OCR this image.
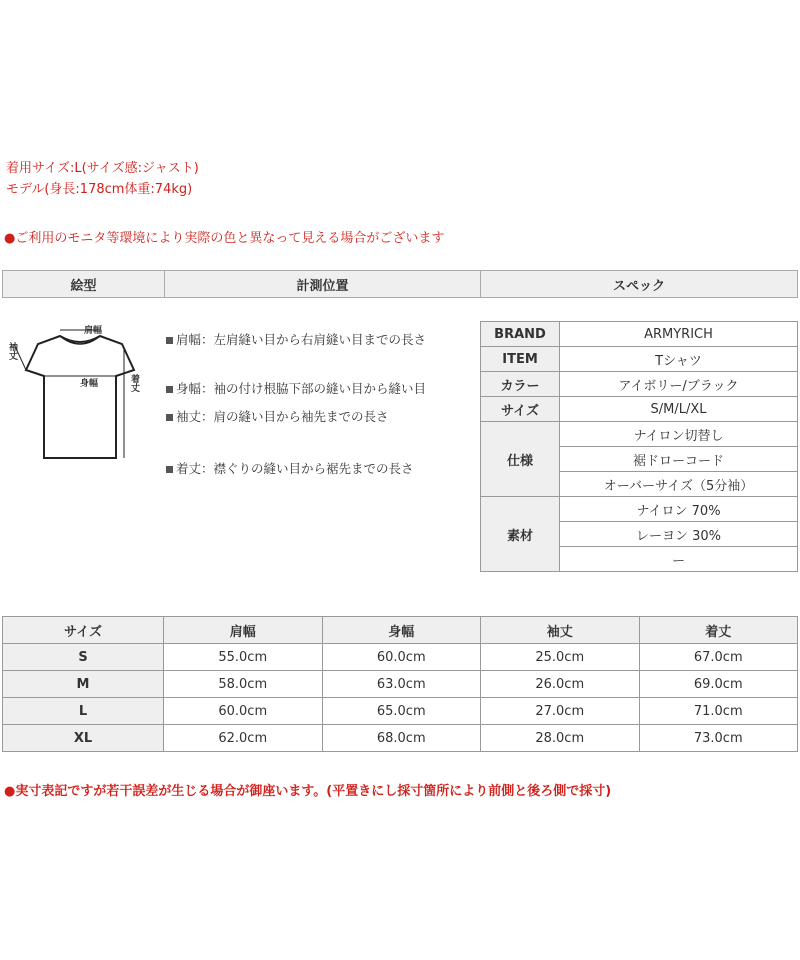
着用サイズ:L(サイズ感:ジャスト)
モデル(身長:178cm体重:74kg)
●ご利用のモニタ等環境により実際の色と異なって見える場合がございます
絵型	計測位置	スペック
肩幅
身幅
袖丈
着丈
肩幅：左肩縫い目から右肩縫い目までの長さ
身幅：袖の付け根脇下部の縫い目から縫い目
袖丈：肩の縫い目から袖先までの長さ
着丈：襟ぐりの縫い目から裾先までの長さ
BRAND	ARMYRICH
ITEM	Tシャツ
カラー	アイボリー/ブラック
サイズ	S/M/L/XL
仕様	ナイロン切替し
	裾ドローコード
	オーバーサイズ（5分袖）
素材	ナイロン 70%
	レーヨン 30%
	ー
サイズ	肩幅	身幅	袖丈	着丈
S	55.0cm	60.0cm	25.0cm	67.0cm
M	58.0cm	63.0cm	26.0cm	69.0cm
L	60.0cm	65.0cm	27.0cm	71.0cm
XL	62.0cm	68.0cm	28.0cm	73.0cm
●実寸表記ですが若干誤差が生じる場合が御座います。(平置きにし採寸箇所により前側と後ろ側で採寸)
